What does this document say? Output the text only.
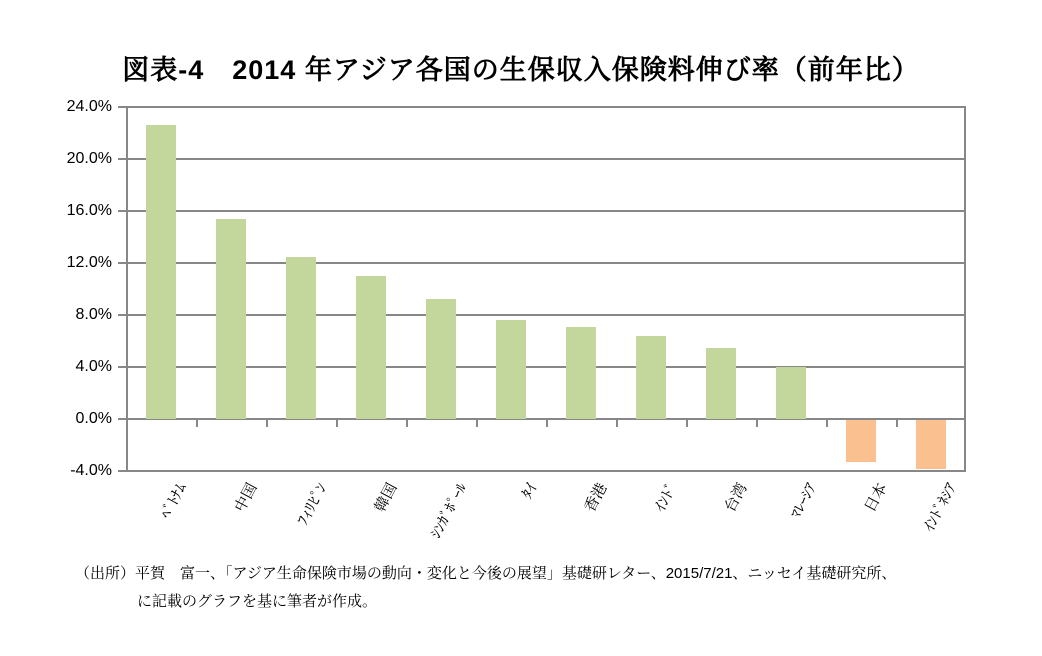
図表-4　2014 年アジア各国の生保収入保険料伸び率（前年比）
24.0%
20.0%
16.0%
12.0%
8.0%
4.0%
0.0%
-4.0%
ﾍﾞﾄﾅﾑ	中国 ﾌｨﾘﾋﾟﾝ	韓国 ｼﾝｶﾞﾎﾟｰﾙ	ﾀｲ	香港	ｲﾝﾄﾞ	台湾 ﾏﾚｰｼｱ	日本 ｲﾝﾄﾞﾈｼｱ
（出所）平賀　富一、「アジア生命保険市場の動向・変化と今後の展望」基礎研レター、2015/7/21、ニッセイ基礎研究所、
に記載のグラフを基に筆者が作成。
